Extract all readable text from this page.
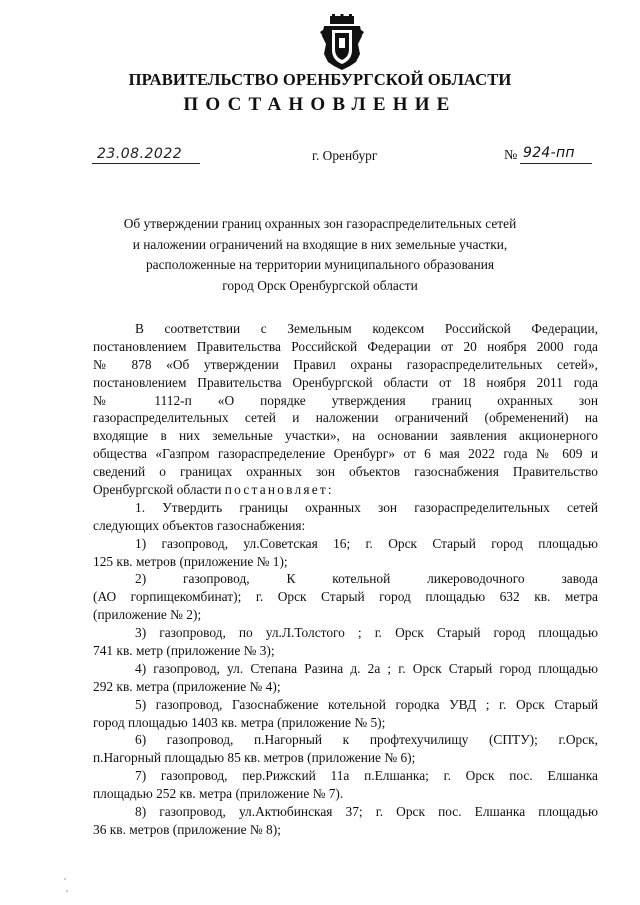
ПРАВИТЕЛЬСТВО ОРЕНБУРГСКОЙ ОБЛАСТИ
ПОСТАНОВЛЕНИЕ
23.08.2022	г. Оренбург	№ 924-пп
Об утверждении границ охранных зон газораспределительных сетей
и наложении ограничений на входящие в них земельные участки,
расположенные на территории муниципального образования
город Орск Оренбургской области
В соответствии с Земельным кодексом Российской Федерации,
постановлением Правительства Российской Федерации от 20 ноября 2000 года
№ 878 «Об утверждении Правил охраны газораспределительных сетей»,
постановлением Правительства Оренбургской области от 18 ноября 2011 года
№ 1112-п «О порядке утверждения границ охранных зон
газораспределительных сетей и наложении ограничений (обременений) на
входящие в них земельные участки», на основании заявления акционерного
общества «Газпром газораспределение Оренбург» от 6 мая 2022 года № 609 и
сведений о границах охранных зон объектов газоснабжения Правительство
Оренбургской области постановляет:
1. Утвердить границы охранных зон газораспределительных сетей
следующих объектов газоснабжения:
1) газопровод, ул.Советская 16; г. Орск Старый город площадью
125 кв. метров (приложение № 1);
2) газопровод, К котельной ликероводочного завода
(АО горпищекомбинат); г. Орск Старый город площадью 632 кв. метра
(приложение № 2);
3) газопровод, по ул.Л.Толстого ; г. Орск Старый город площадью
741 кв. метр (приложение № 3);
4) газопровод, ул. Степана Разина д. 2а ; г. Орск Старый город площадью
292 кв. метра (приложение № 4);
5) газопровод, Газоснабжение котельной городка УВД ; г. Орск Старый
город площадью 1403 кв. метра (приложение № 5);
6) газопровод, п.Нагорный к профтехучилищу (СПТУ); г.Орск,
п.Нагорный площадью 85 кв. метров (приложение № 6);
7) газопровод, пер.Рижский 11а п.Елшанка; г. Орск пос. Елшанка
площадью 252 кв. метра (приложение № 7).
8) газопровод, ул.Актюбинская 37; г. Орск пос. Елшанка площадью
36 кв. метров (приложение № 8);
